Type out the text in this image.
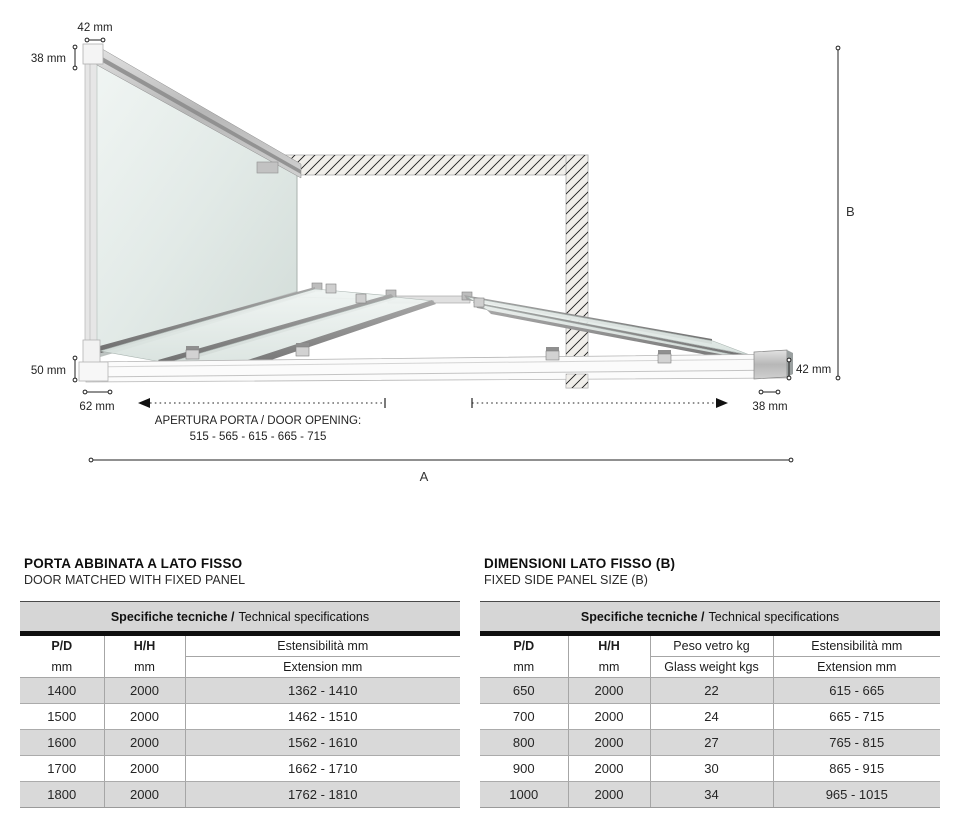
42 mm
38 mm
50 mm
62 mm
42 mm
38 mm
B
A
APERTURA PORTA / DOOR OPENING:
515 - 565 - 615 - 665 - 715
PORTA ABBINATA A LATO FISSO
DOOR MATCHED WITH FIXED PANEL
Specifiche tecniche / Technical specifications		
P/D	H/H	Estensibilità mm
mm	mm	Extension mm
1400	2000	1362 - 1410
1500	2000	1462 - 1510
1600	2000	1562 - 1610
1700	2000	1662 - 1710
1800	2000	1762 - 1810
DIMENSIONI LATO FISSO (B)
FIXED SIDE PANEL SIZE (B)
Specifiche tecniche / Technical specifications			
P/D	H/H	Peso vetro kg	Estensibilità mm
mm	mm	Glass weight kgs	Extension mm
650	2000	22	615 - 665
700	2000	24	665 - 715
800	2000	27	765 - 815
900	2000	30	865 - 915
1000	2000	34	965 - 1015
